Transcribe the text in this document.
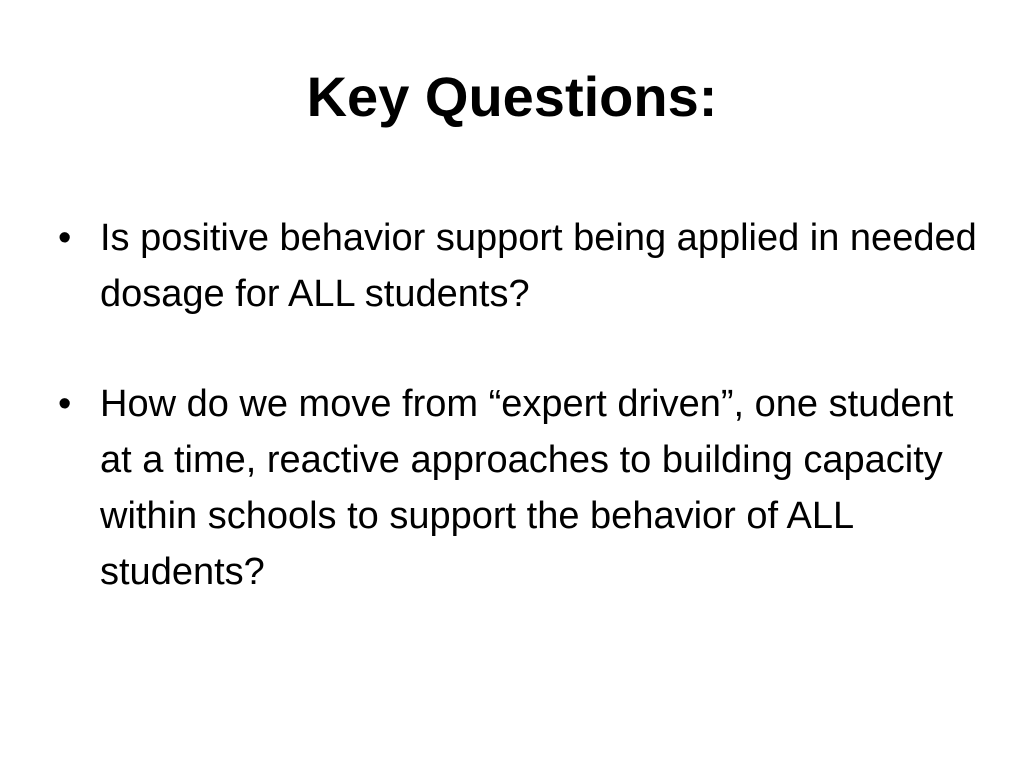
Key Questions:
• Is positive behavior support being applied in needed dosage for ALL students?
• How do we move from “expert driven”, one student at a time, reactive approaches to building capacity within schools to support the behavior of ALL students?
